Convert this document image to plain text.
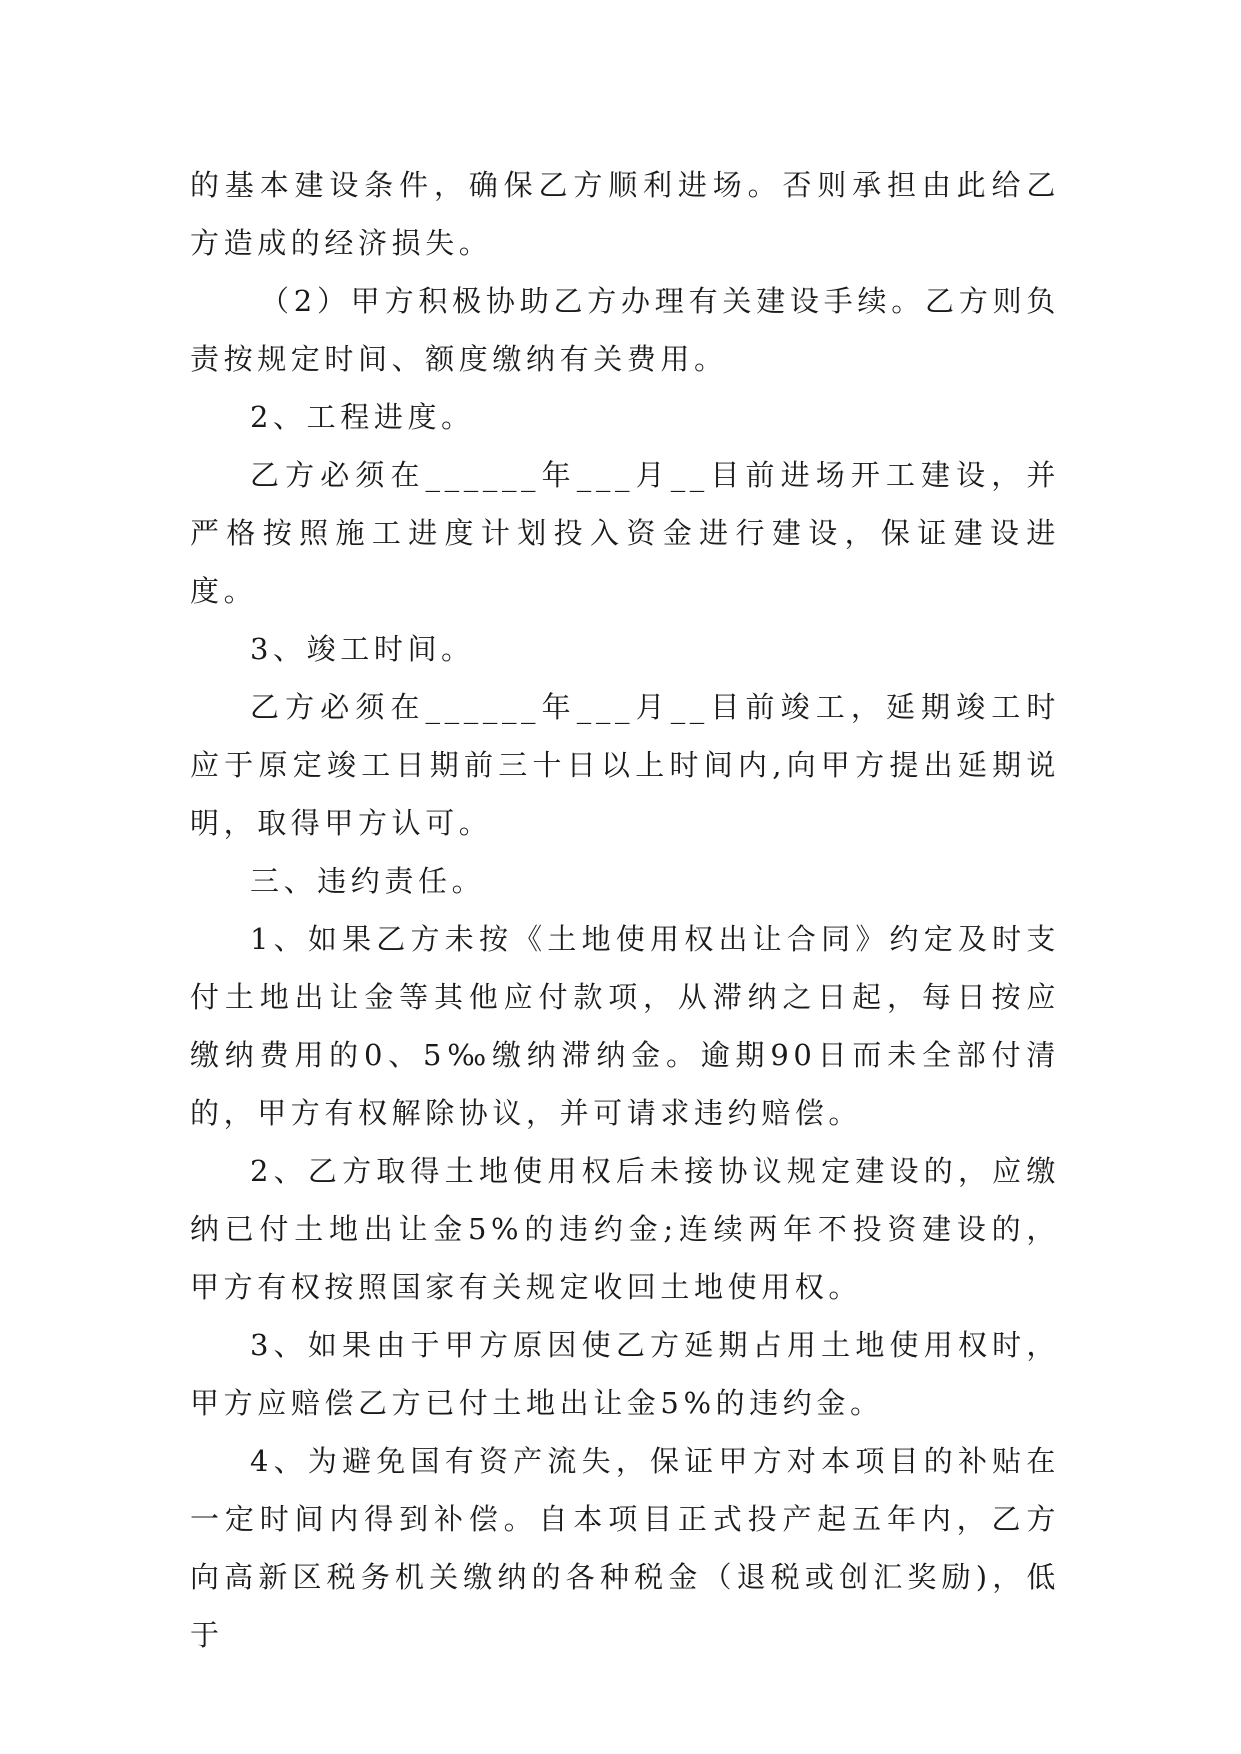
的基本建设条件，确保乙方顺利进场。否则承担由此给乙方造成的经济损失。

（2）甲方积极协助乙方办理有关建设手续。乙方则负责按规定时间、额度缴纳有关费用。

2、工程进度。

乙方必须在______年___月__目前进场开工建设，并严格按照施工进度计划投入资金进行建设，保证建设进度。

3、竣工时间。

乙方必须在______年___月__目前竣工，延期竣工时应于原定竣工日期前三十日以上时间内,向甲方提出延期说明，取得甲方认可。

三、违约责任。

1、如果乙方未按《土地使用权出让合同》约定及时支付土地出让金等其他应付款项，从滞纳之日起，每日按应缴纳费用的0、5‰缴纳滞纳金。逾期90日而未全部付清的，甲方有权解除协议，并可请求违约赔偿。

2、乙方取得土地使用权后未接协议规定建设的，应缴纳已付土地出让金5%的违约金;连续两年不投资建设的，甲方有权按照国家有关规定收回土地使用权。

3、如果由于甲方原因使乙方延期占用土地使用权时，甲方应赔偿乙方已付土地出让金5%的违约金。

4、为避免国有资产流失，保证甲方对本项目的补贴在一定时间内得到补偿。自本项目正式投产起五年内，乙方向高新区税务机关缴纳的各种税金（退税或创汇奖励)，低于
